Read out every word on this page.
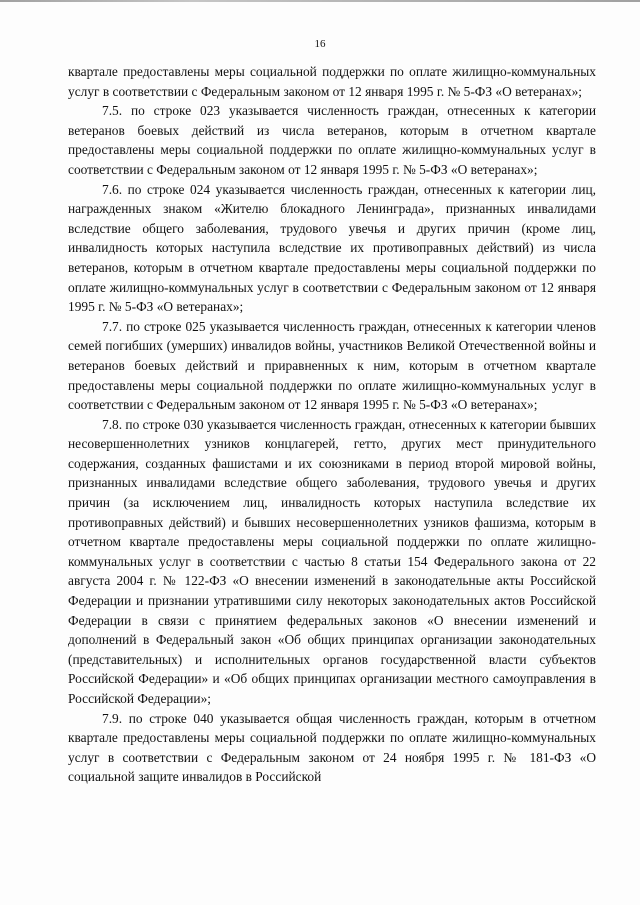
16

квартале предоставлены меры социальной поддержки по оплате жилищно-коммунальных услуг в соответствии с Федеральным законом от 12 января 1995 г. № 5-ФЗ «О ветеранах»;

7.5. по строке 023 указывается численность граждан, отнесенных к категории ветеранов боевых действий из числа ветеранов, которым в отчетном квартале предоставлены меры социальной поддержки по оплате жилищно-коммунальных услуг в соответствии с Федеральным законом от 12 января 1995 г. № 5-ФЗ «О ветеранах»;

7.6. по строке 024 указывается численность граждан, отнесенных к категории лиц, награжденных знаком «Жителю блокадного Ленинграда», признанных инвалидами вследствие общего заболевания, трудового увечья и других причин (кроме лиц, инвалидность которых наступила вследствие их противоправных действий) из числа ветеранов, которым в отчетном квартале предоставлены меры социальной поддержки по оплате жилищно-коммунальных услуг в соответствии с Федеральным законом от 12 января 1995 г. № 5-ФЗ «О ветеранах»;

7.7. по строке 025 указывается численность граждан, отнесенных к категории членов семей погибших (умерших) инвалидов войны, участников Великой Отечественной войны и ветеранов боевых действий и приравненных к ним, которым в отчетном квартале предоставлены меры социальной поддержки по оплате жилищно-коммунальных услуг в соответствии с Федеральным законом от 12 января 1995 г. № 5-ФЗ «О ветеранах»;

7.8. по строке 030 указывается численность граждан, отнесенных к категории бывших несовершеннолетних узников концлагерей, гетто, других мест принудительного содержания, созданных фашистами и их союзниками в период второй мировой войны, признанных инвалидами вследствие общего заболевания, трудового увечья и других причин (за исключением лиц, инвалидность которых наступила вследствие их противоправных действий) и бывших несовершеннолетних узников фашизма, которым в отчетном квартале предоставлены меры социальной поддержки по оплате жилищно-коммунальных услуг в соответствии с частью 8 статьи 154 Федерального закона от 22 августа 2004 г. № 122-ФЗ «О внесении изменений в законодательные акты Российской Федерации и признании утратившими силу некоторых законодательных актов Российской Федерации в связи с принятием федеральных законов «О внесении изменений и дополнений в Федеральный закон «Об общих принципах организации законодательных (представительных) и исполнительных органов государственной власти субъектов Российской Федерации» и «Об общих принципах организации местного самоуправления в Российской Федерации»;

7.9. по строке 040 указывается общая численность граждан, которым в отчетном квартале предоставлены меры социальной поддержки по оплате жилищно-коммунальных услуг в соответствии с Федеральным законом от 24 ноября 1995 г. № 181-ФЗ «О социальной защите инвалидов в Российской
